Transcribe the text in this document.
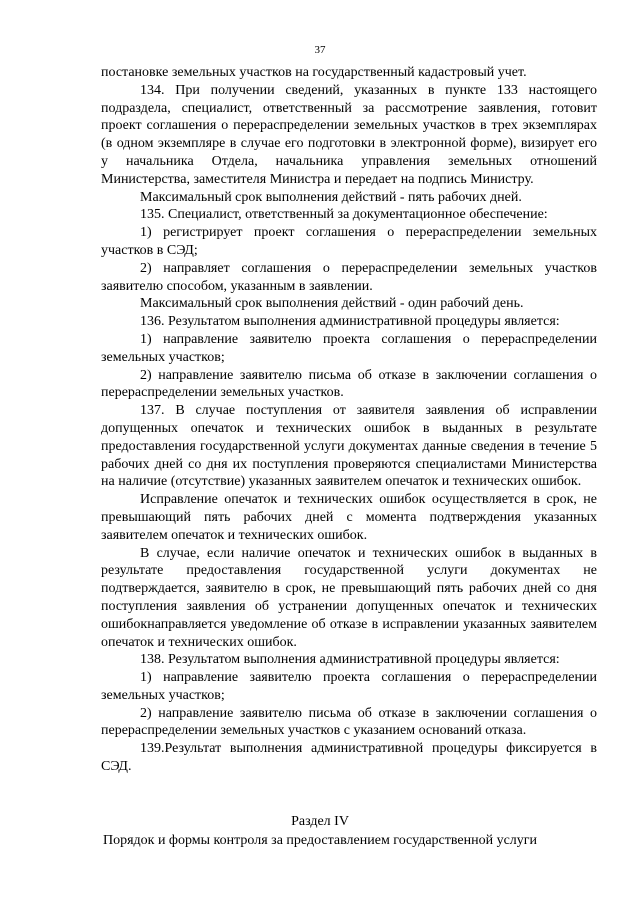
37

постановке земельных участков на государственный кадастровый учет.

134. При получении сведений, указанных в пункте 133 настоящего подраздела, специалист, ответственный за рассмотрение заявления, готовит проект соглашения о перераспределении земельных участков в трех экземплярах (в одном экземпляре в случае его подготовки в электронной форме), визирует его у начальника Отдела, начальника управления земельных отношений Министерства, заместителя Министра и передает на подпись Министру.

Максимальный срок выполнения действий - пять рабочих дней.

135. Специалист, ответственный за документационное обеспечение:

1) регистрирует проект соглашения о перераспределении земельных участков в СЭД;

2) направляет соглашения о перераспределении земельных участков заявителю способом, указанным в заявлении.

Максимальный срок выполнения действий - один рабочий день.

136. Результатом выполнения административной процедуры является:

1) направление заявителю проекта соглашения о перераспределении земельных участков;

2) направление заявителю письма об отказе в заключении соглашения о перераспределении земельных участков.

137. В случае поступления от заявителя заявления об исправлении допущенных опечаток и технических ошибок в выданных в результате предоставления государственной услуги документах данные сведения в течение 5 рабочих дней со дня их поступления проверяются специалистами Министерства на наличие (отсутствие) указанных заявителем опечаток и технических ошибок.

Исправление опечаток и технических ошибок осуществляется в срок, не превышающий пять рабочих дней с момента подтверждения указанных заявителем опечаток и технических ошибок.

В случае, если наличие опечаток и технических ошибок в выданных в результате предоставления государственной услуги документах не подтверждается, заявителю в срок, не превышающий пять рабочих дней со дня поступления заявления об устранении допущенных опечаток и технических ошибокнаправляется уведомление об отказе в исправлении указанных заявителем опечаток и технических ошибок.

138. Результатом выполнения административной процедуры является:

1) направление заявителю проекта соглашения о перераспределении земельных участков;

2) направление заявителю письма об отказе в заключении соглашения о перераспределении земельных участков с указанием оснований отказа.

139.Результат выполнения административной процедуры фиксируется в СЭД.

Раздел IV
Порядок и формы контроля за предоставлением государственной услуги
